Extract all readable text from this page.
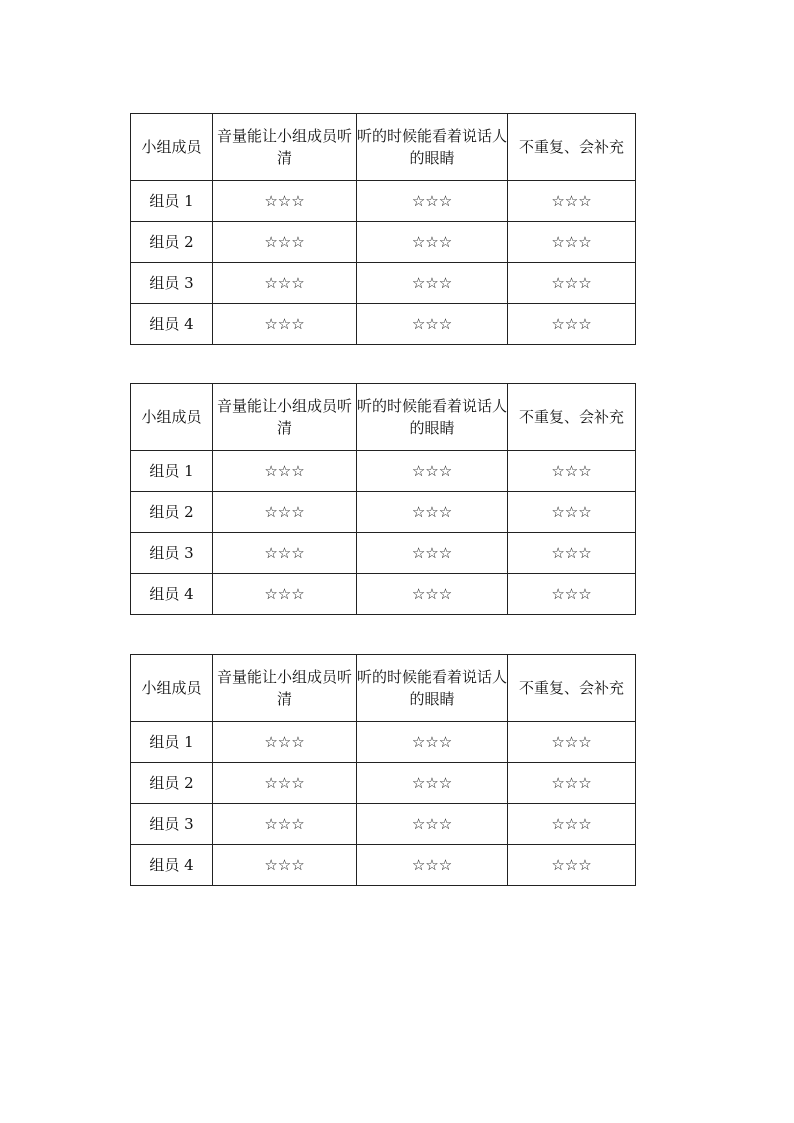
小组成员	音量能让小组成员听清	听的时候能看着说话人的眼睛	不重复、会补充
组员 1	☆☆☆	☆☆☆	☆☆☆
组员 2	☆☆☆	☆☆☆	☆☆☆
组员 3	☆☆☆	☆☆☆	☆☆☆
组员 4	☆☆☆	☆☆☆	☆☆☆
小组成员	音量能让小组成员听清	听的时候能看着说话人的眼睛	不重复、会补充
组员 1	☆☆☆	☆☆☆	☆☆☆
组员 2	☆☆☆	☆☆☆	☆☆☆
组员 3	☆☆☆	☆☆☆	☆☆☆
组员 4	☆☆☆	☆☆☆	☆☆☆
小组成员	音量能让小组成员听清	听的时候能看着说话人的眼睛	不重复、会补充
组员 1	☆☆☆	☆☆☆	☆☆☆
组员 2	☆☆☆	☆☆☆	☆☆☆
组员 3	☆☆☆	☆☆☆	☆☆☆
组员 4	☆☆☆	☆☆☆	☆☆☆
